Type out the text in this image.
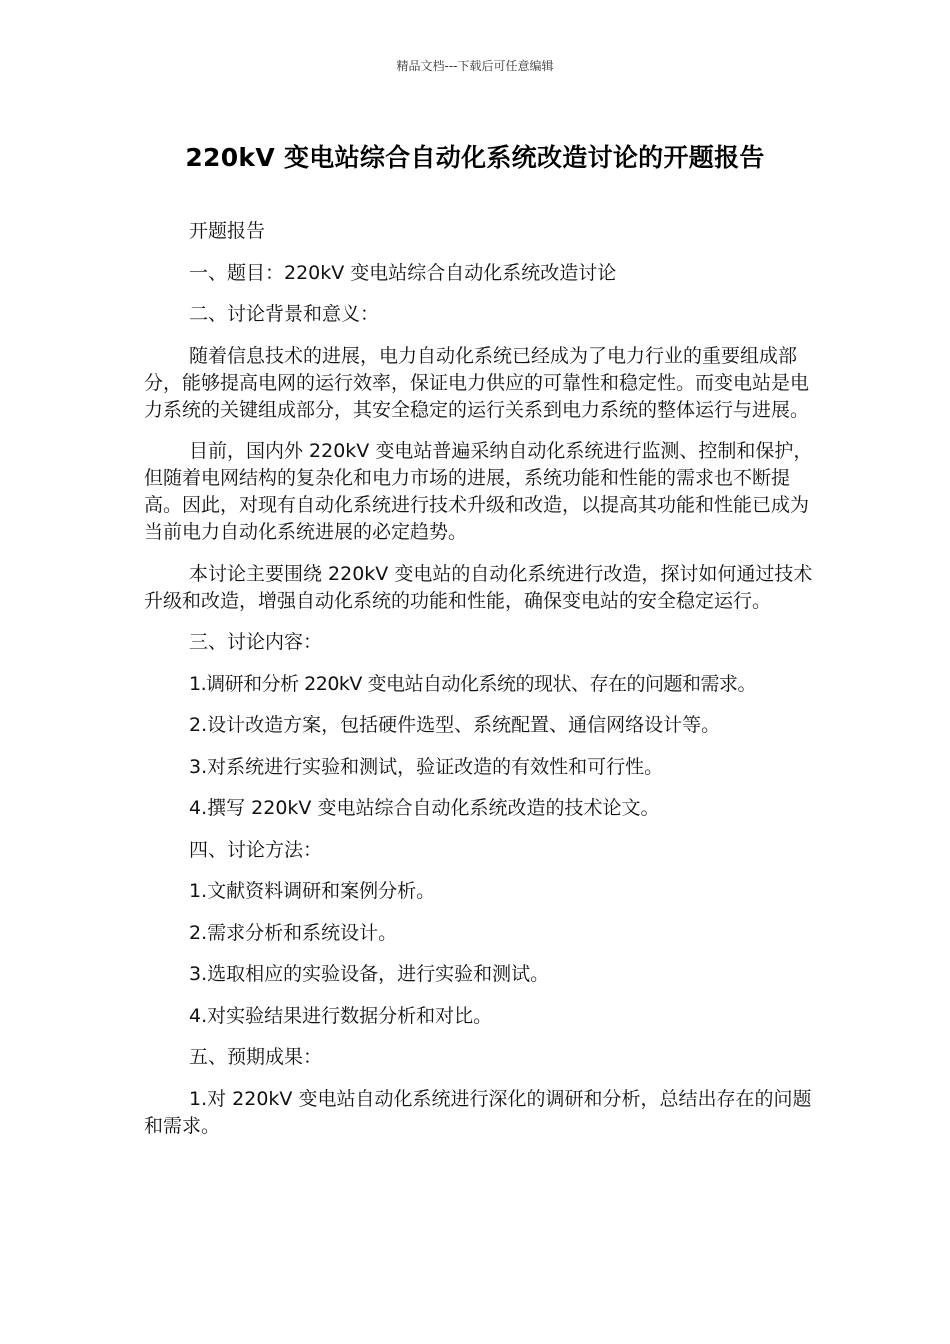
精品文档---下载后可任意编辑
220kV 变电站综合自动化系统改造讨论的开题报告

开题报告

一、题目：220kV 变电站综合自动化系统改造讨论

二、讨论背景和意义：

随着信息技术的进展，电力自动化系统已经成为了电力行业的重要组成部分，能够提高电网的运行效率，保证电力供应的可靠性和稳定性。而变电站是电力系统的关键组成部分，其安全稳定的运行关系到电力系统的整体运行与进展。

目前，国内外 220kV 变电站普遍采纳自动化系统进行监测、控制和保护，但随着电网结构的复杂化和电力市场的进展，系统功能和性能的需求也不断提高。因此，对现有自动化系统进行技术升级和改造，以提高其功能和性能已成为当前电力自动化系统进展的必定趋势。

本讨论主要围绕 220kV 变电站的自动化系统进行改造，探讨如何通过技术升级和改造，增强自动化系统的功能和性能，确保变电站的安全稳定运行。

三、讨论内容：

1.调研和分析 220kV 变电站自动化系统的现状、存在的问题和需求。

2.设计改造方案，包括硬件选型、系统配置、通信网络设计等。

3.对系统进行实验和测试，验证改造的有效性和可行性。

4.撰写 220kV 变电站综合自动化系统改造的技术论文。

四、讨论方法：

1.文献资料调研和案例分析。

2.需求分析和系统设计。

3.选取相应的实验设备，进行实验和测试。

4.对实验结果进行数据分析和对比。

五、预期成果：

1.对 220kV 变电站自动化系统进行深化的调研和分析，总结出存在的问题和需求。
